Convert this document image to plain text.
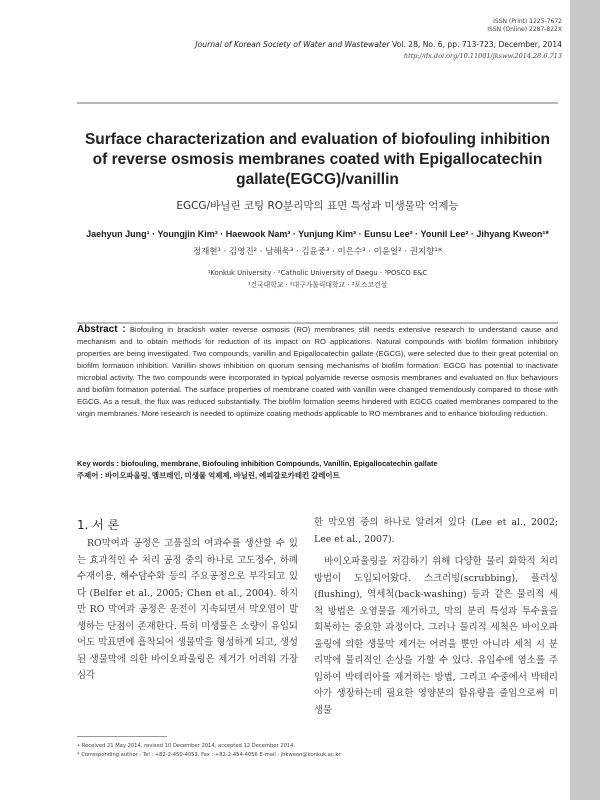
ISSN (Print) 1225-7672
ISSN (Online) 2287-822X
Journal of Korean Society of Water and Wastewater Vol. 28, No. 6, pp. 713-723, December, 2014
http://dx.doi.org/10.11001/jksww.2014.28.6.713
Surface characterization and evaluation of biofouling inhibition of reverse osmosis membranes coated with Epigallocatechin gallate(EGCG)/vanillin
EGCG/바닐린 코팅 RO분리막의 표면 특성과 미생물막 억제능
Jaehyun Jung¹ · Youngjin Kim² · Haewook Nam³ · Yunjung Kim³ · Eunsu Lee³ · Younil Lee² · Jihyang Kweon¹*
정재현¹ · 김영진² · 남해욱³ · 김윤중³ · 이은수³ · 이윤일² · 권지향¹*
¹Konkuk University · ²Catholic University of Daegu · ³POSCO E&C
¹건국대학교 · ²대구가톨릭대학교 · ³포스코건설
Abstract : Biofouling in brackish water reverse osmosis (RO) membranes still needs extensive research to understand cause and mechanism and to obtain methods for reduction of its impact on RO applications. Natural compounds with biofilm formation inhibitory properties are being investigated. Two compounds, vanillin and Epigallocatechin gallate (EGCG), were selected due to their great potential on biofilm formation inhibition. Vanillin shows inhibition on quorum sensing mechanisms of biofilm formation. EGCG has potential to inactivate microbial activity. The two compounds were incorporated in typical polyamide reverse osmosis membranes and evaluated on flux behaviours and biofilm formation potential. The surface properties of membrane coated with vanillin were changed tremendously compared to those with EGCG. As a result, the flux was reduced substantially. The biofilm formation seems hindered with EGCG coated membranes compared to the virgin membranes. More research is needed to optimize coating methods applicable to RO membranes and to enhance biofouling reduction.
Key words : biofouling, membrane, Biofouling inhibition Compounds, Vanillin, Epigallocatechin gallate
주제어 : 바이오파울링, 멤브레인, 미생물 억제제, 바닐린, 에피갈로카테킨 갈레이트
1. 서 론

RO막여과 공정은 고품질의 여과수를 생산할 수 있는 효과적인 수 처리 공정 중의 하나로 고도정수, 하폐수재이용, 해수담수화 등의 주요공정으로 부각되고 있다 (Belfer et al., 2005; Chen et al., 2004). 하지만 RO 막여과 공정은 운전이 지속되면서 막오염이 발생하는 단점이 존재한다. 특히 미생물은 소량이 유입되어도 막표면에 흡착되어 생물막을 형성하게 되고, 생성된 생물막에 의한 바이오파울링은 제거가 어려워 가장 심각

한 막오염 중의 하나로 알려져 있다 (Lee et al., 2002; Lee et al., 2007).

바이오파울링을 저감하기 위해 다양한 물리 화학적 처리 방법이 도입되어왔다. 스크러빙(scrubbing), 플러싱(flushing), 역세척(back-washing) 등과 같은 물리적 세척 방법은 오염물을 제거하고, 막의 분리 특성과 투수율을 회복하는 중요한 과정이다. 그러나 물리적 세척은 바이오파울링에 의한 생물막 제거는 어려울 뿐만 아니라 세척 시 분리막에 물리적인 손상을 가할 수 있다. 유입수에 염소를 주입하여 박테리아를 제거하는 방법, 그리고 수중에서 박테리아가 생장하는데 필요한 영양분의 함유량을 줄임으로써 미생물

• Received 21 May 2014, revised 10 December 2014, accepted 12 December 2014.
* Corresponding author : Tel : +82-2-450-4053, Fax : +82-2-454-4056 E-mail : jhkweon@konkuk.ac.kr
